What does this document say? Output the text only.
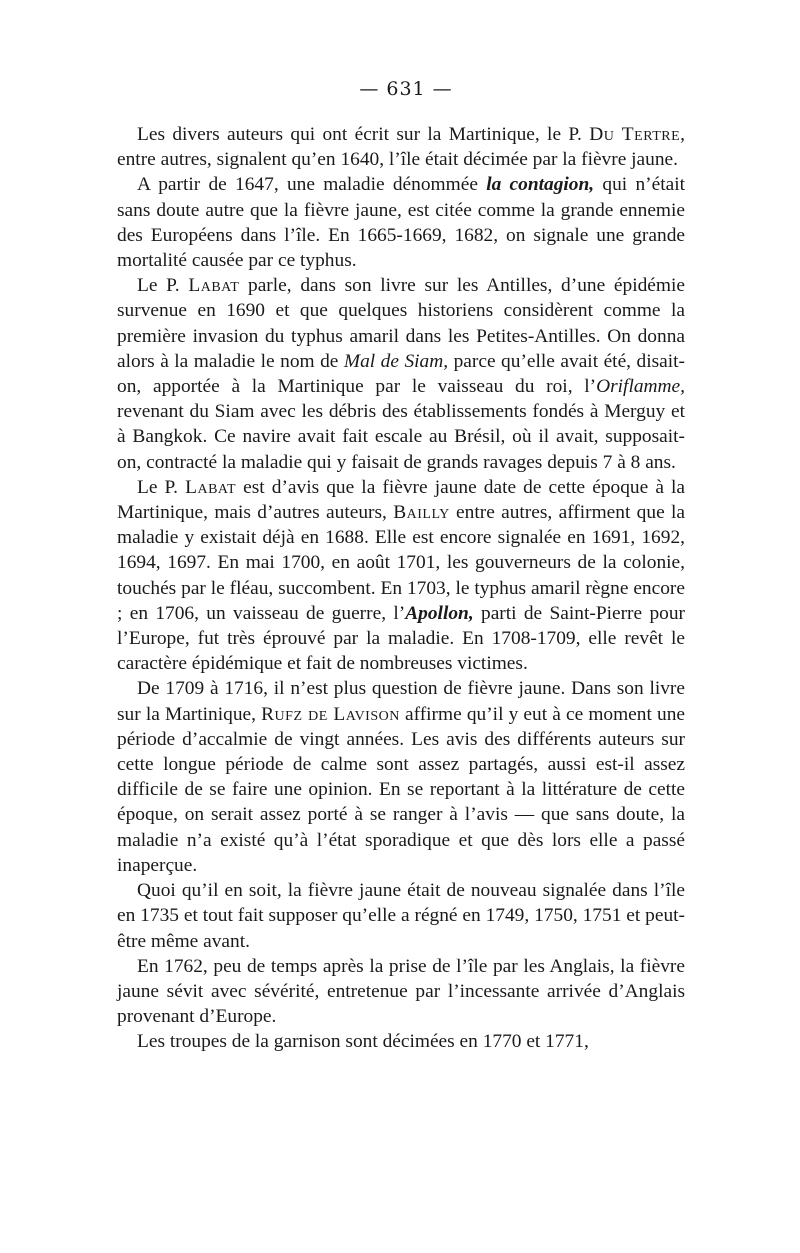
— 631 —

Les divers auteurs qui ont écrit sur la Martinique, le P. Du Tertre, entre autres, signalent qu’en 1640, l’île était décimée par la fièvre jaune.

A partir de 1647, une maladie dénommée la contagion, qui n’était sans doute autre que la fièvre jaune, est citée comme la grande ennemie des Européens dans l’île. En 1665-1669, 1682, on signale une grande mortalité causée par ce typhus.

Le P. Labat parle, dans son livre sur les Antilles, d’une épidémie survenue en 1690 et que quelques historiens considèrent comme la première invasion du typhus amaril dans les Petites-Antilles. On donna alors à la maladie le nom de Mal de Siam, parce qu’elle avait été, disait-on, apportée à la Martinique par le vaisseau du roi, l’Oriflamme, revenant du Siam avec les débris des établissements fondés à Merguy et à Bangkok. Ce navire avait fait escale au Brésil, où il avait, supposait-on, contracté la maladie qui y faisait de grands ravages depuis 7 à 8 ans.

Le P. Labat est d’avis que la fièvre jaune date de cette époque à la Martinique, mais d’autres auteurs, Bailly entre autres, affirment que la maladie y existait déjà en 1688. Elle est encore signalée en 1691, 1692, 1694, 1697. En mai 1700, en août 1701, les gouverneurs de la colonie, touchés par le fléau, succombent. En 1703, le typhus amaril règne encore ; en 1706, un vaisseau de guerre, l’Apollon, parti de Saint-Pierre pour l’Europe, fut très éprouvé par la maladie. En 1708-1709, elle revêt le caractère épidémique et fait de nombreuses victimes.

De 1709 à 1716, il n’est plus question de fièvre jaune. Dans son livre sur la Martinique, Rufz de Lavison affirme qu’il y eut à ce moment une période d’accalmie de vingt années. Les avis des différents auteurs sur cette longue période de calme sont assez partagés, aussi est-il assez difficile de se faire une opinion. En se reportant à la littérature de cette époque, on serait assez porté à se ranger à l’avis — que sans doute, la maladie n’a existé qu’à l’état sporadique et que dès lors elle a passé inaperçue.

Quoi qu’il en soit, la fièvre jaune était de nouveau signalée dans l’île en 1735 et tout fait supposer qu’elle a régné en 1749, 1750, 1751 et peut-être même avant.

En 1762, peu de temps après la prise de l’île par les Anglais, la fièvre jaune sévit avec sévérité, entretenue par l’incessante arrivée d’Anglais provenant d’Europe.

Les troupes de la garnison sont décimées en 1770 et 1771,
